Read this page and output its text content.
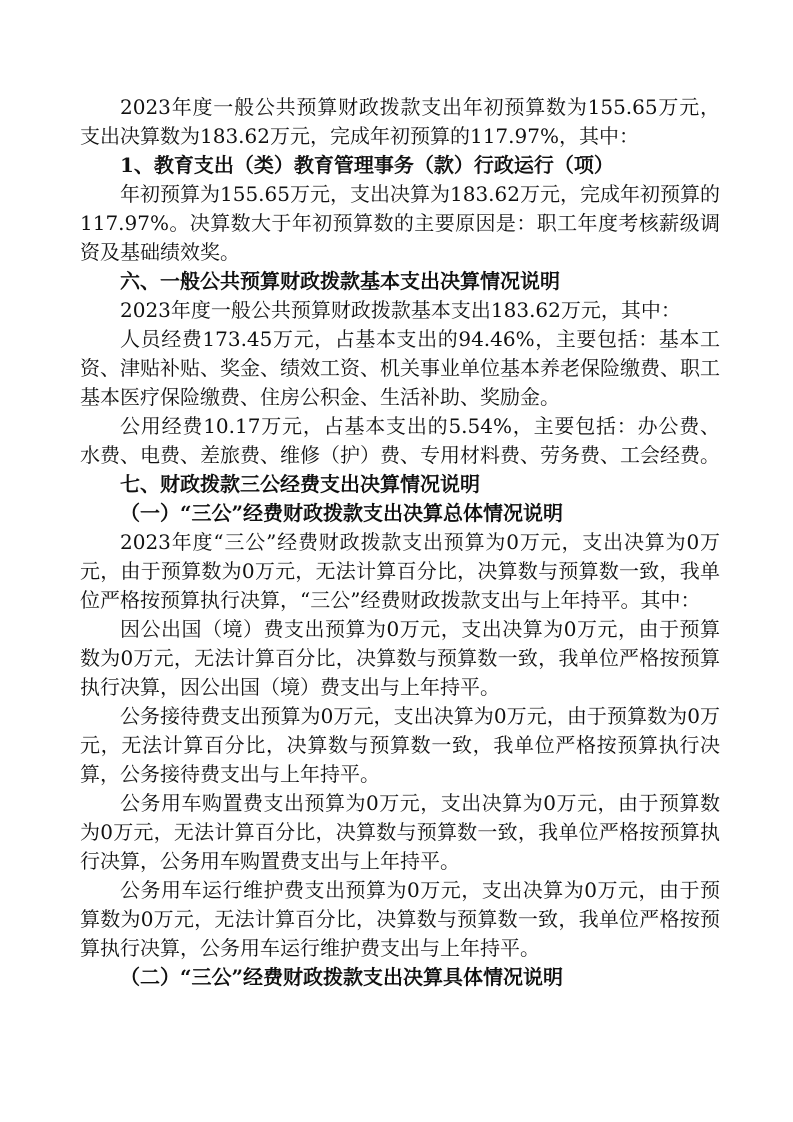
2023年度一般公共预算财政拨款支出年初预算数为155.65万元，支出决算数为183.62万元，完成年初预算的117.97%，其中：

1、教育支出（类）教育管理事务（款）行政运行（项）

年初预算为155.65万元，支出决算为183.62万元，完成年初预算的117.97%。决算数大于年初预算数的主要原因是：职工年度考核薪级调资及基础绩效奖。

六、一般公共预算财政拨款基本支出决算情况说明

2023年度一般公共预算财政拨款基本支出183.62万元，其中：

人员经费173.45万元，占基本支出的94.46%，主要包括：基本工资、津贴补贴、奖金、绩效工资、机关事业单位基本养老保险缴费、职工基本医疗保险缴费、住房公积金、生活补助、奖励金。

公用经费10.17万元，占基本支出的5.54%，主要包括：办公费、水费、电费、差旅费、维修（护）费、专用材料费、劳务费、工会经费。

七、财政拨款三公经费支出决算情况说明

（一）“三公”经费财政拨款支出决算总体情况说明

2023年度“三公”经费财政拨款支出预算为0万元，支出决算为0万元，由于预算数为0万元，无法计算百分比，决算数与预算数一致，我单位严格按预算执行决算，“三公”经费财政拨款支出与上年持平。其中：

因公出国（境）费支出预算为0万元，支出决算为0万元，由于预算数为0万元，无法计算百分比，决算数与预算数一致，我单位严格按预算执行决算，因公出国（境）费支出与上年持平。

公务接待费支出预算为0万元，支出决算为0万元，由于预算数为0万元，无法计算百分比，决算数与预算数一致，我单位严格按预算执行决算，公务接待费支出与上年持平。

公务用车购置费支出预算为0万元，支出决算为0万元，由于预算数为0万元，无法计算百分比，决算数与预算数一致，我单位严格按预算执行决算，公务用车购置费支出与上年持平。

公务用车运行维护费支出预算为0万元，支出决算为0万元，由于预算数为0万元，无法计算百分比，决算数与预算数一致，我单位严格按预算执行决算，公务用车运行维护费支出与上年持平。

（二）“三公”经费财政拨款支出决算具体情况说明
